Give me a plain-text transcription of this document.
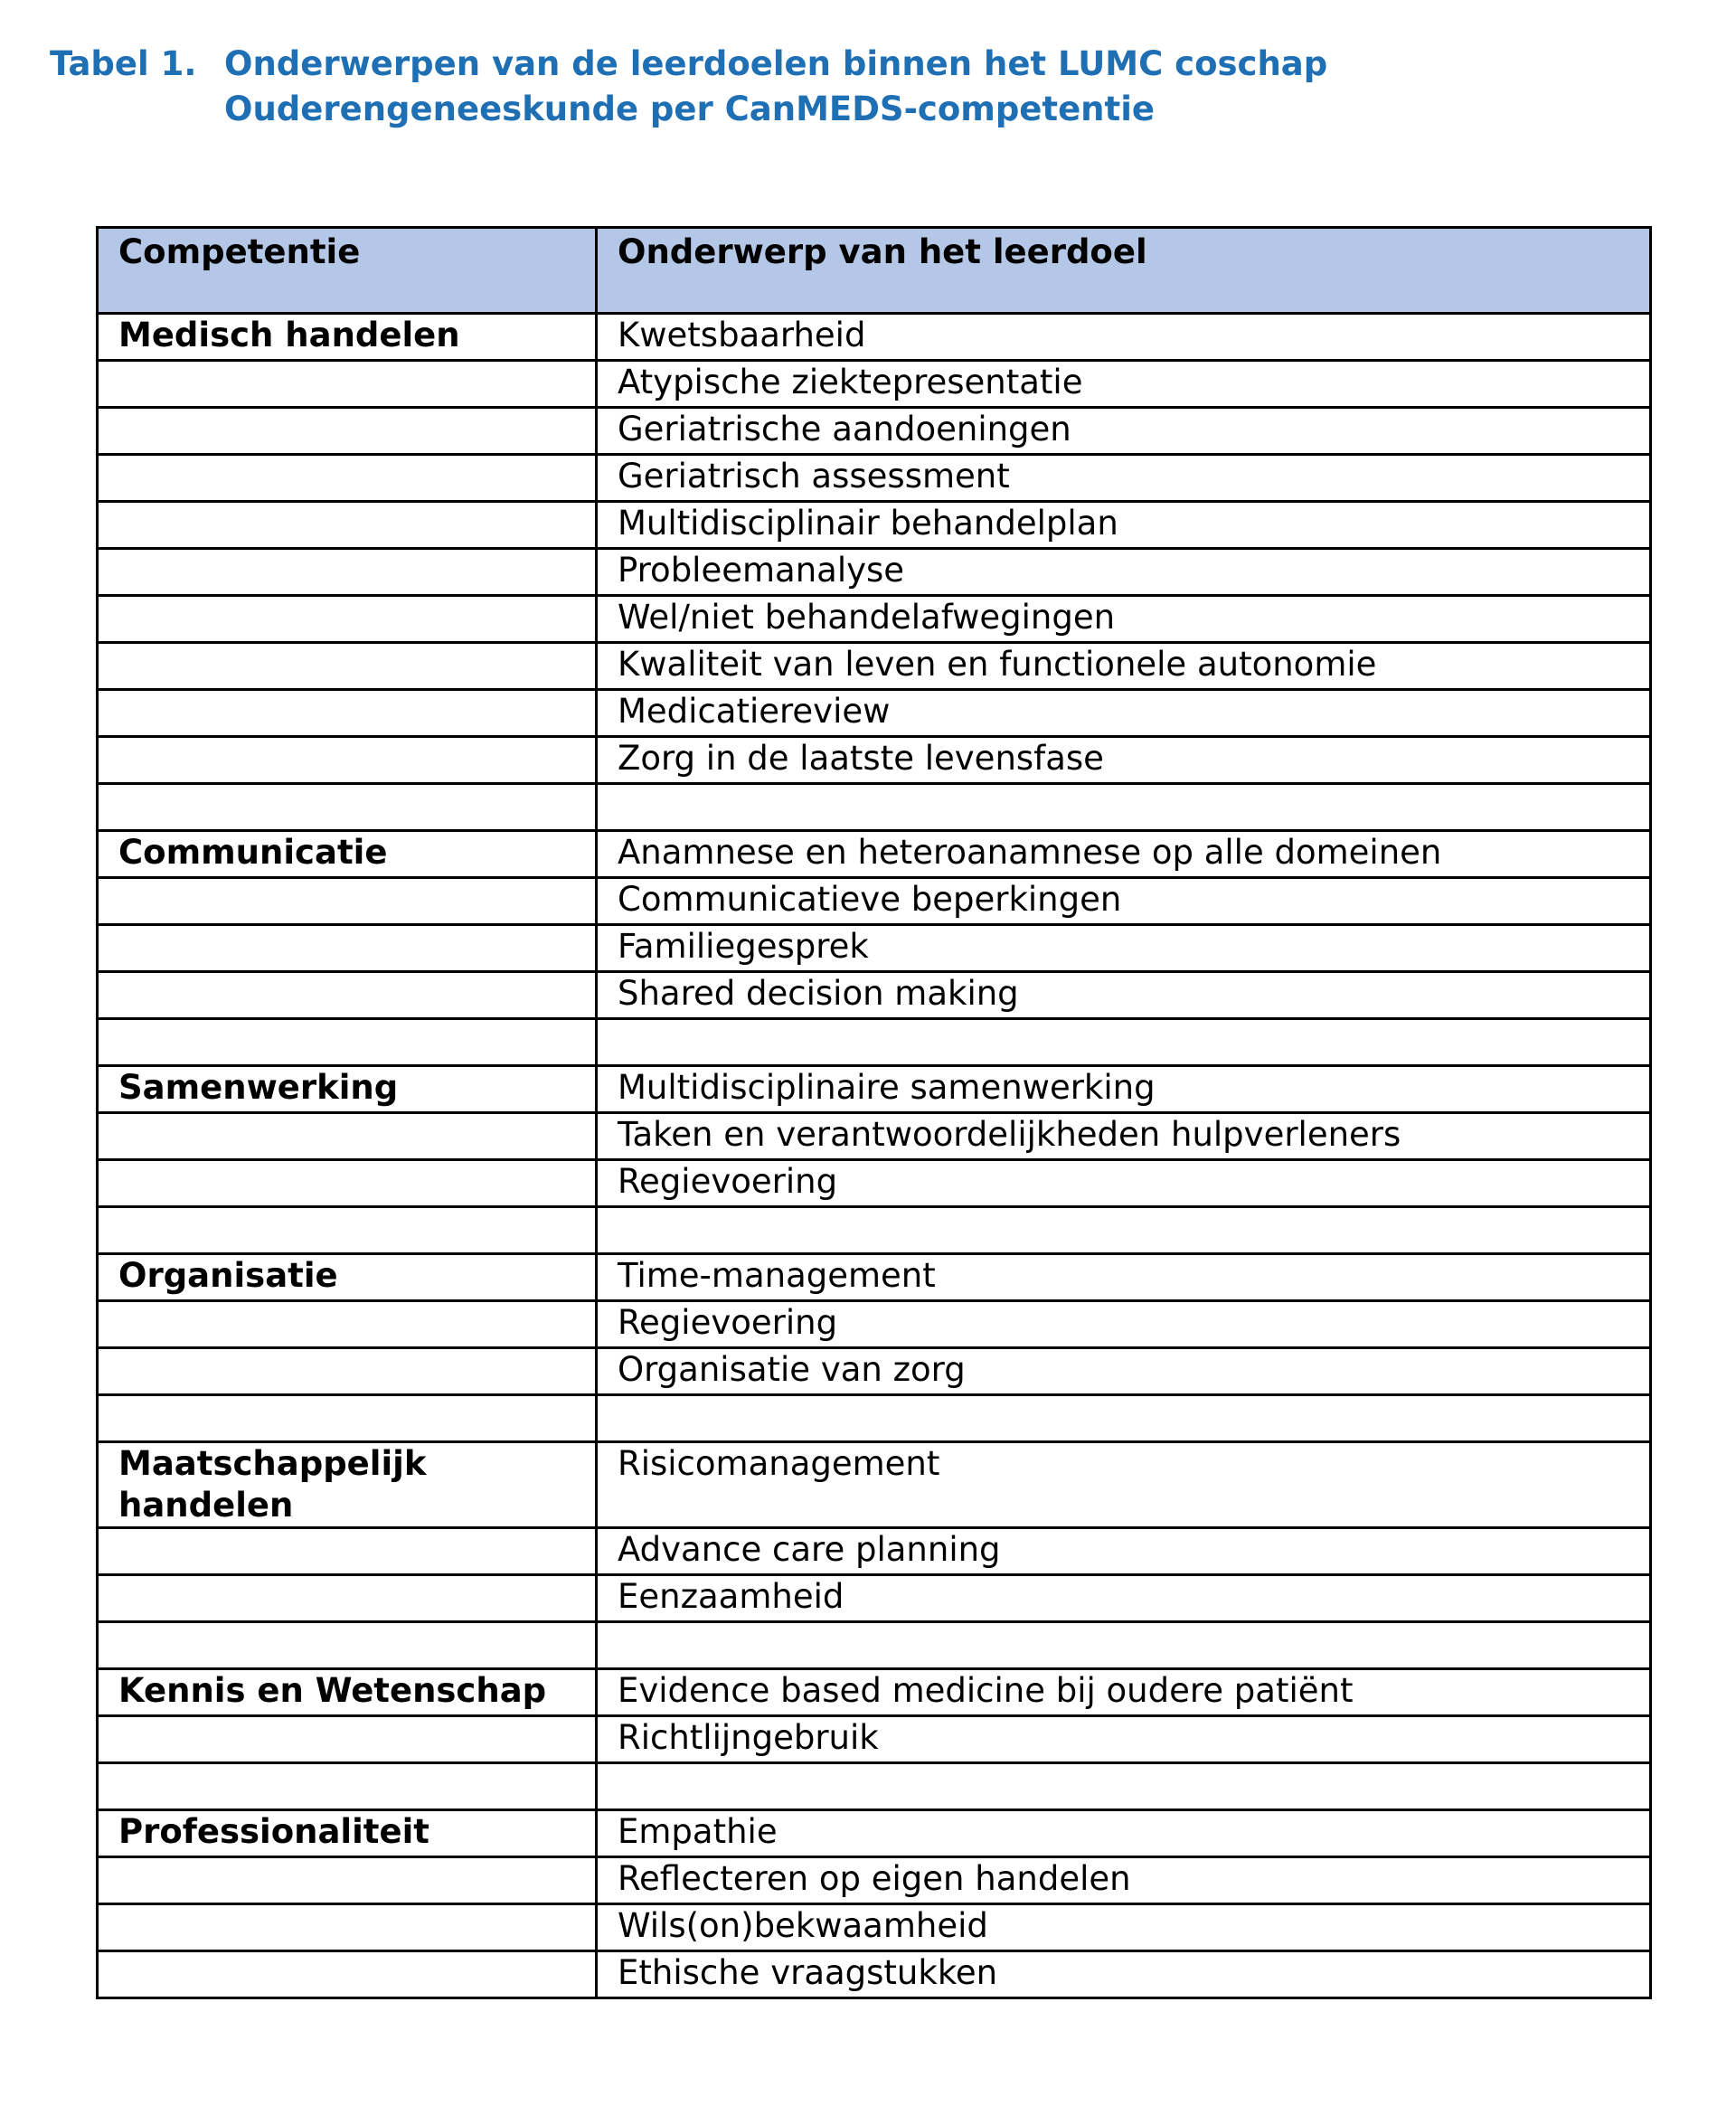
Tabel 1. Onderwerpen van de leerdoelen binnen het LUMC coschap
Ouderengeneeskunde per CanMEDS-competentie
Competentie	Onderwerp van het leerdoel
Medisch handelen	Kwetsbaarheid
	Atypische ziektepresentatie
	Geriatrische aandoeningen
	Geriatrisch assessment
	Multidisciplinair behandelplan
	Probleemanalyse
	Wel/niet behandelafwegingen
	Kwaliteit van leven en functionele autonomie
	Medicatiereview
	Zorg in de laatste levensfase

Communicatie	Anamnese en heteroanamnese op alle domeinen
	Communicatieve beperkingen
	Familiegesprek
	Shared decision making

Samenwerking	Multidisciplinaire samenwerking
	Taken en verantwoordelijkheden hulpverleners
	Regievoering

Organisatie	Time-management
	Regievoering
	Organisatie van zorg

Maatschappelijk handelen	Risicomanagement
	Advance care planning
	Eenzaamheid

Kennis en Wetenschap	Evidence based medicine bij oudere patiënt
	Richtlijngebruik

Professionaliteit	Empathie
	Reflecteren op eigen handelen
	Wils(on)bekwaamheid
	Ethische vraagstukken
